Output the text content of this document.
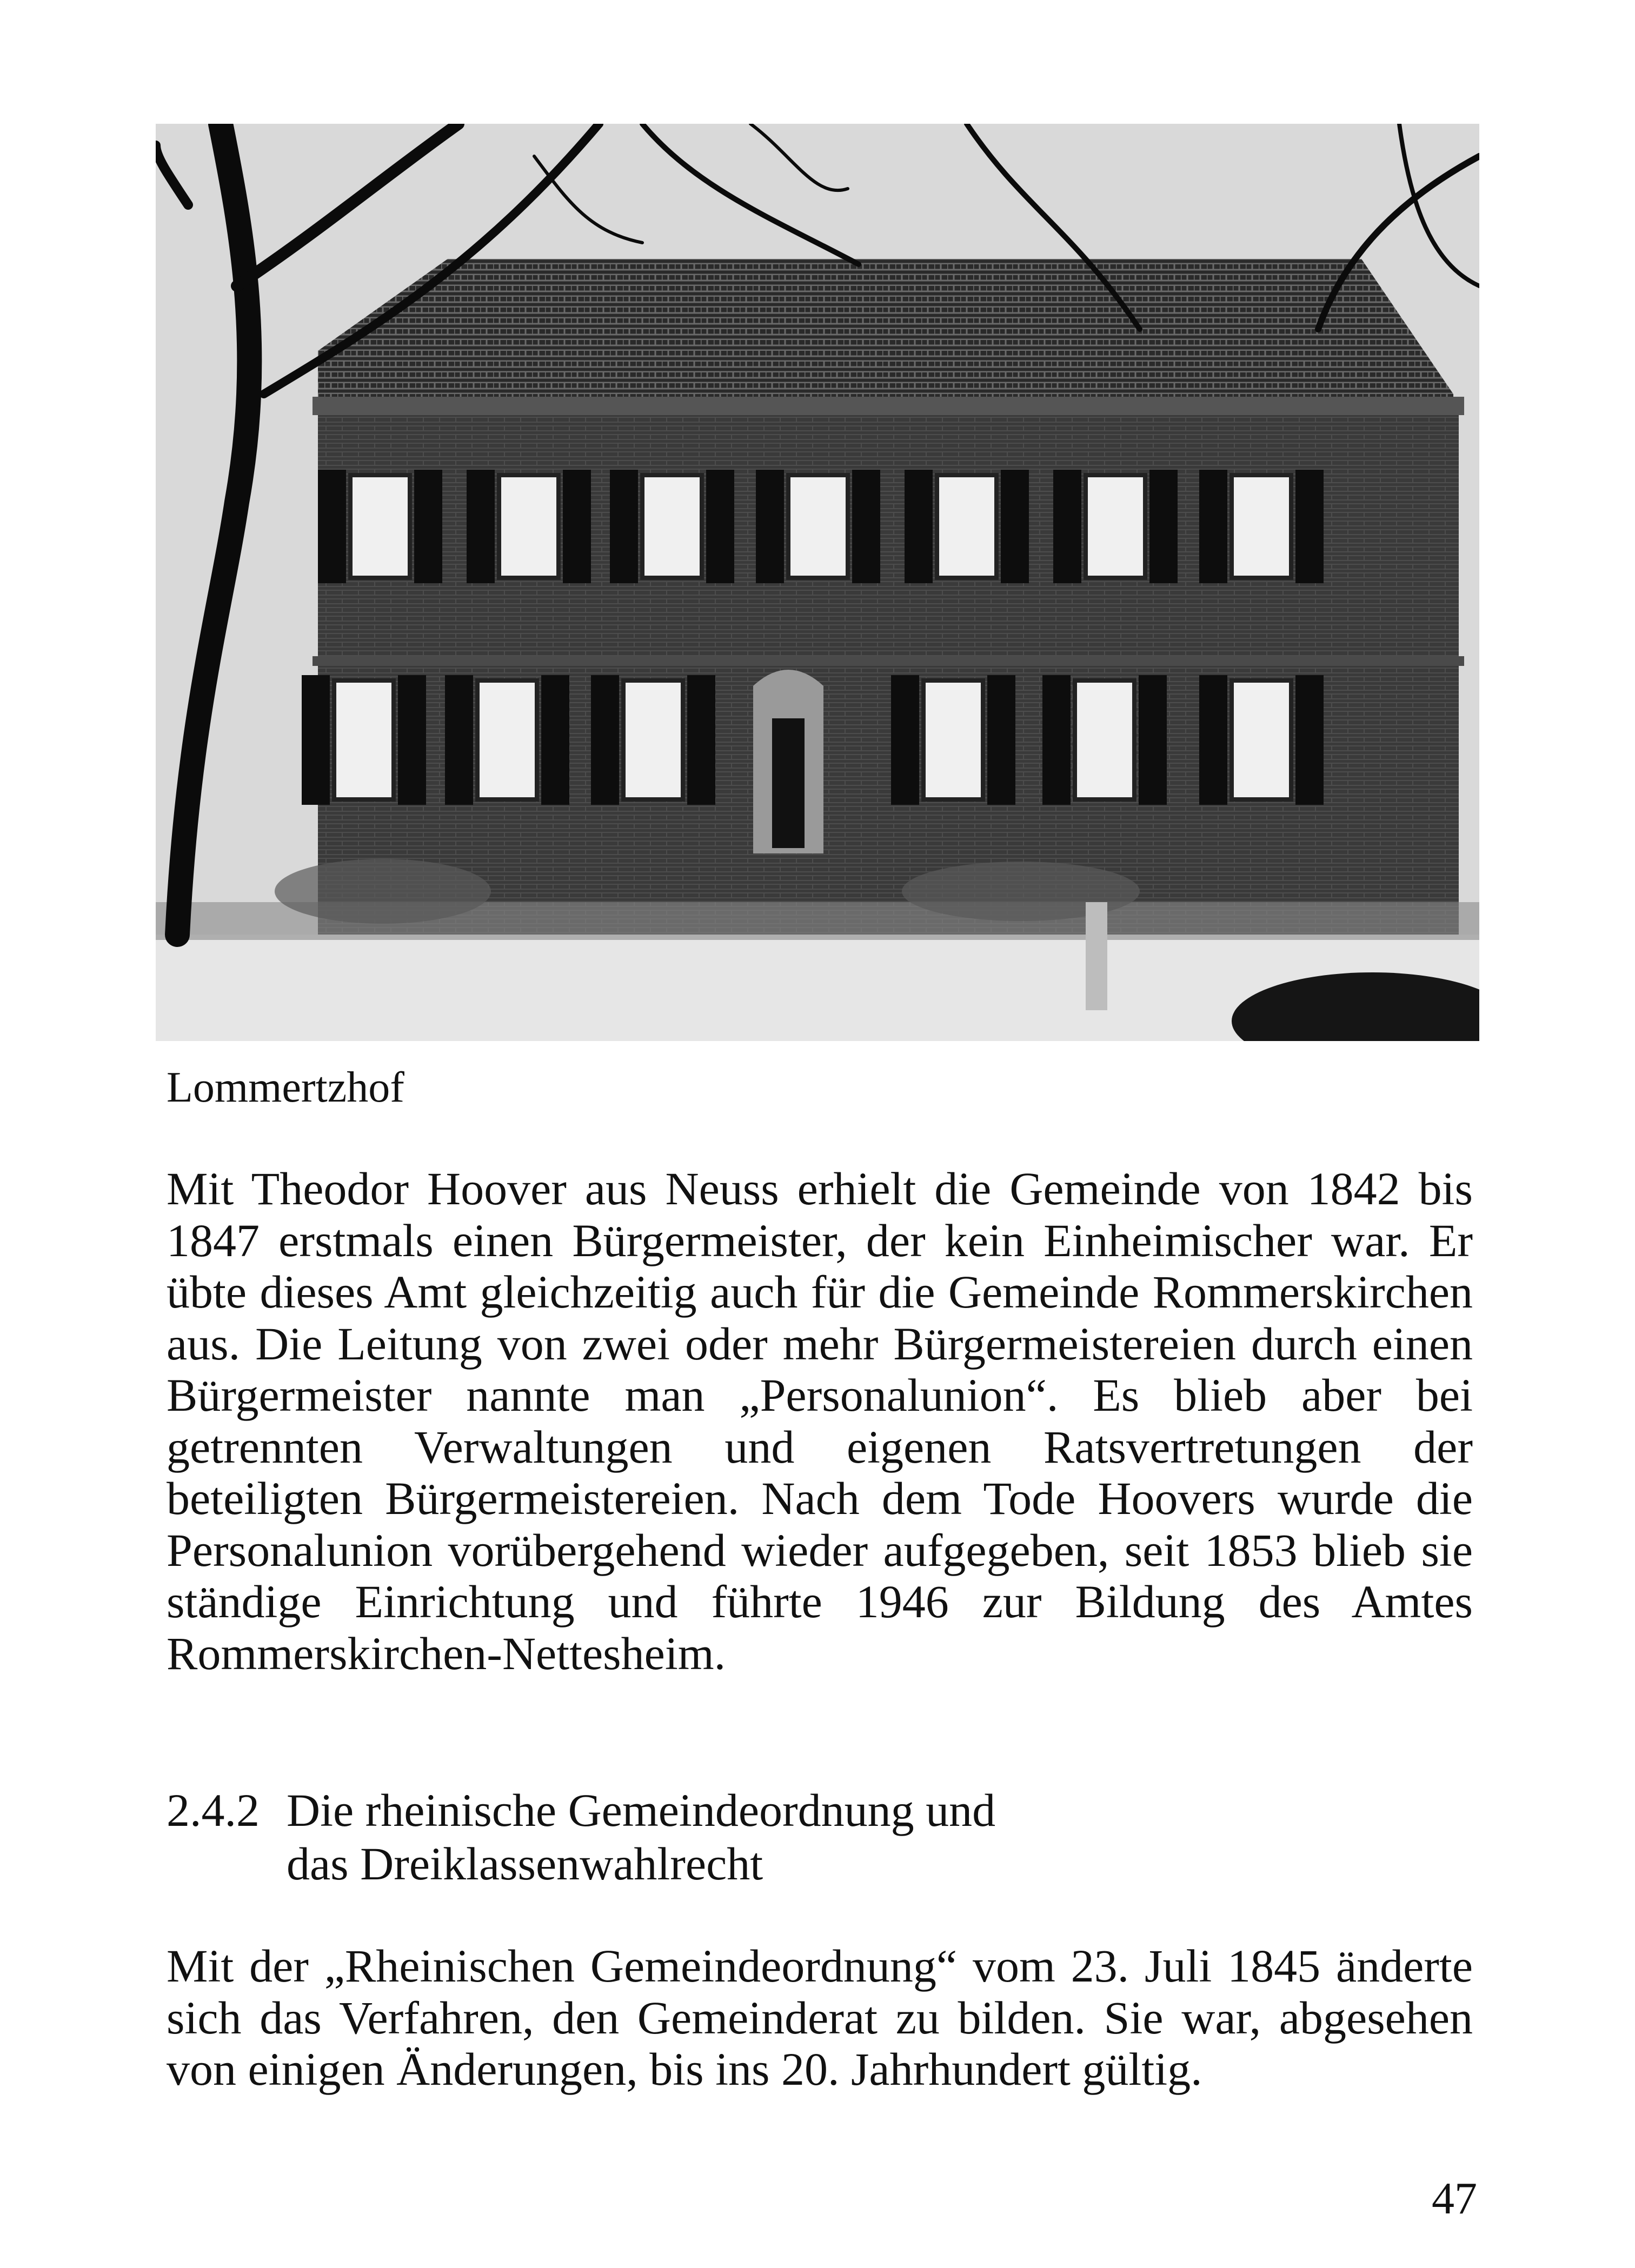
Lommertzhof

Mit Theodor Hoover aus Neuss erhielt die Gemeinde von 1842 bis 1847 erstmals einen Bürgermeister, der kein Einheimischer war. Er übte dieses Amt gleichzeitig auch für die Gemeinde Rommerskirchen aus. Die Leitung von zwei oder mehr Bürgermeistereien durch einen Bürgermeister nannte man „Personalunion“. Es blieb aber bei getrennten Verwaltungen und eigenen Ratsvertretungen der beteiligten Bürgermeistereien. Nach dem Tode Hoovers wurde die Personalunion vorübergehend wieder aufgegeben, seit 1853 blieb sie ständige Einrichtung und führte 1946 zur Bildung des Amtes Rommerskirchen-Nettesheim.

2.4.2 Die rheinische Gemeindeordnung und
das Dreiklassenwahlrecht

Mit der „Rheinischen Gemeindeordnung“ vom 23. Juli 1845 änderte sich das Verfahren, den Gemeinderat zu bilden. Sie war, abgesehen von einigen Änderungen, bis ins 20. Jahrhundert gültig.

47
